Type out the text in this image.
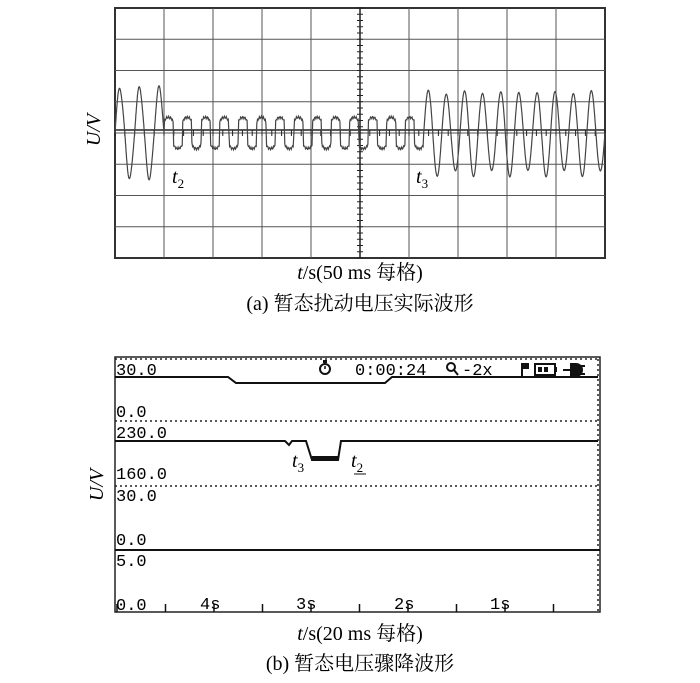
$t_2$	$t_3$
U/V
t/s(50 ms 每格)
(a) 暂态扰动电压实际波形
0:00:24 -2x
30.0
0.0
230.0
160.0
30.0
0.0
5.0
0.0
$t_3$ $t_2$
4s	3s	2s	1s
U/V
t/s(20 ms 每格)
(b) 暂态电压骤降波形
